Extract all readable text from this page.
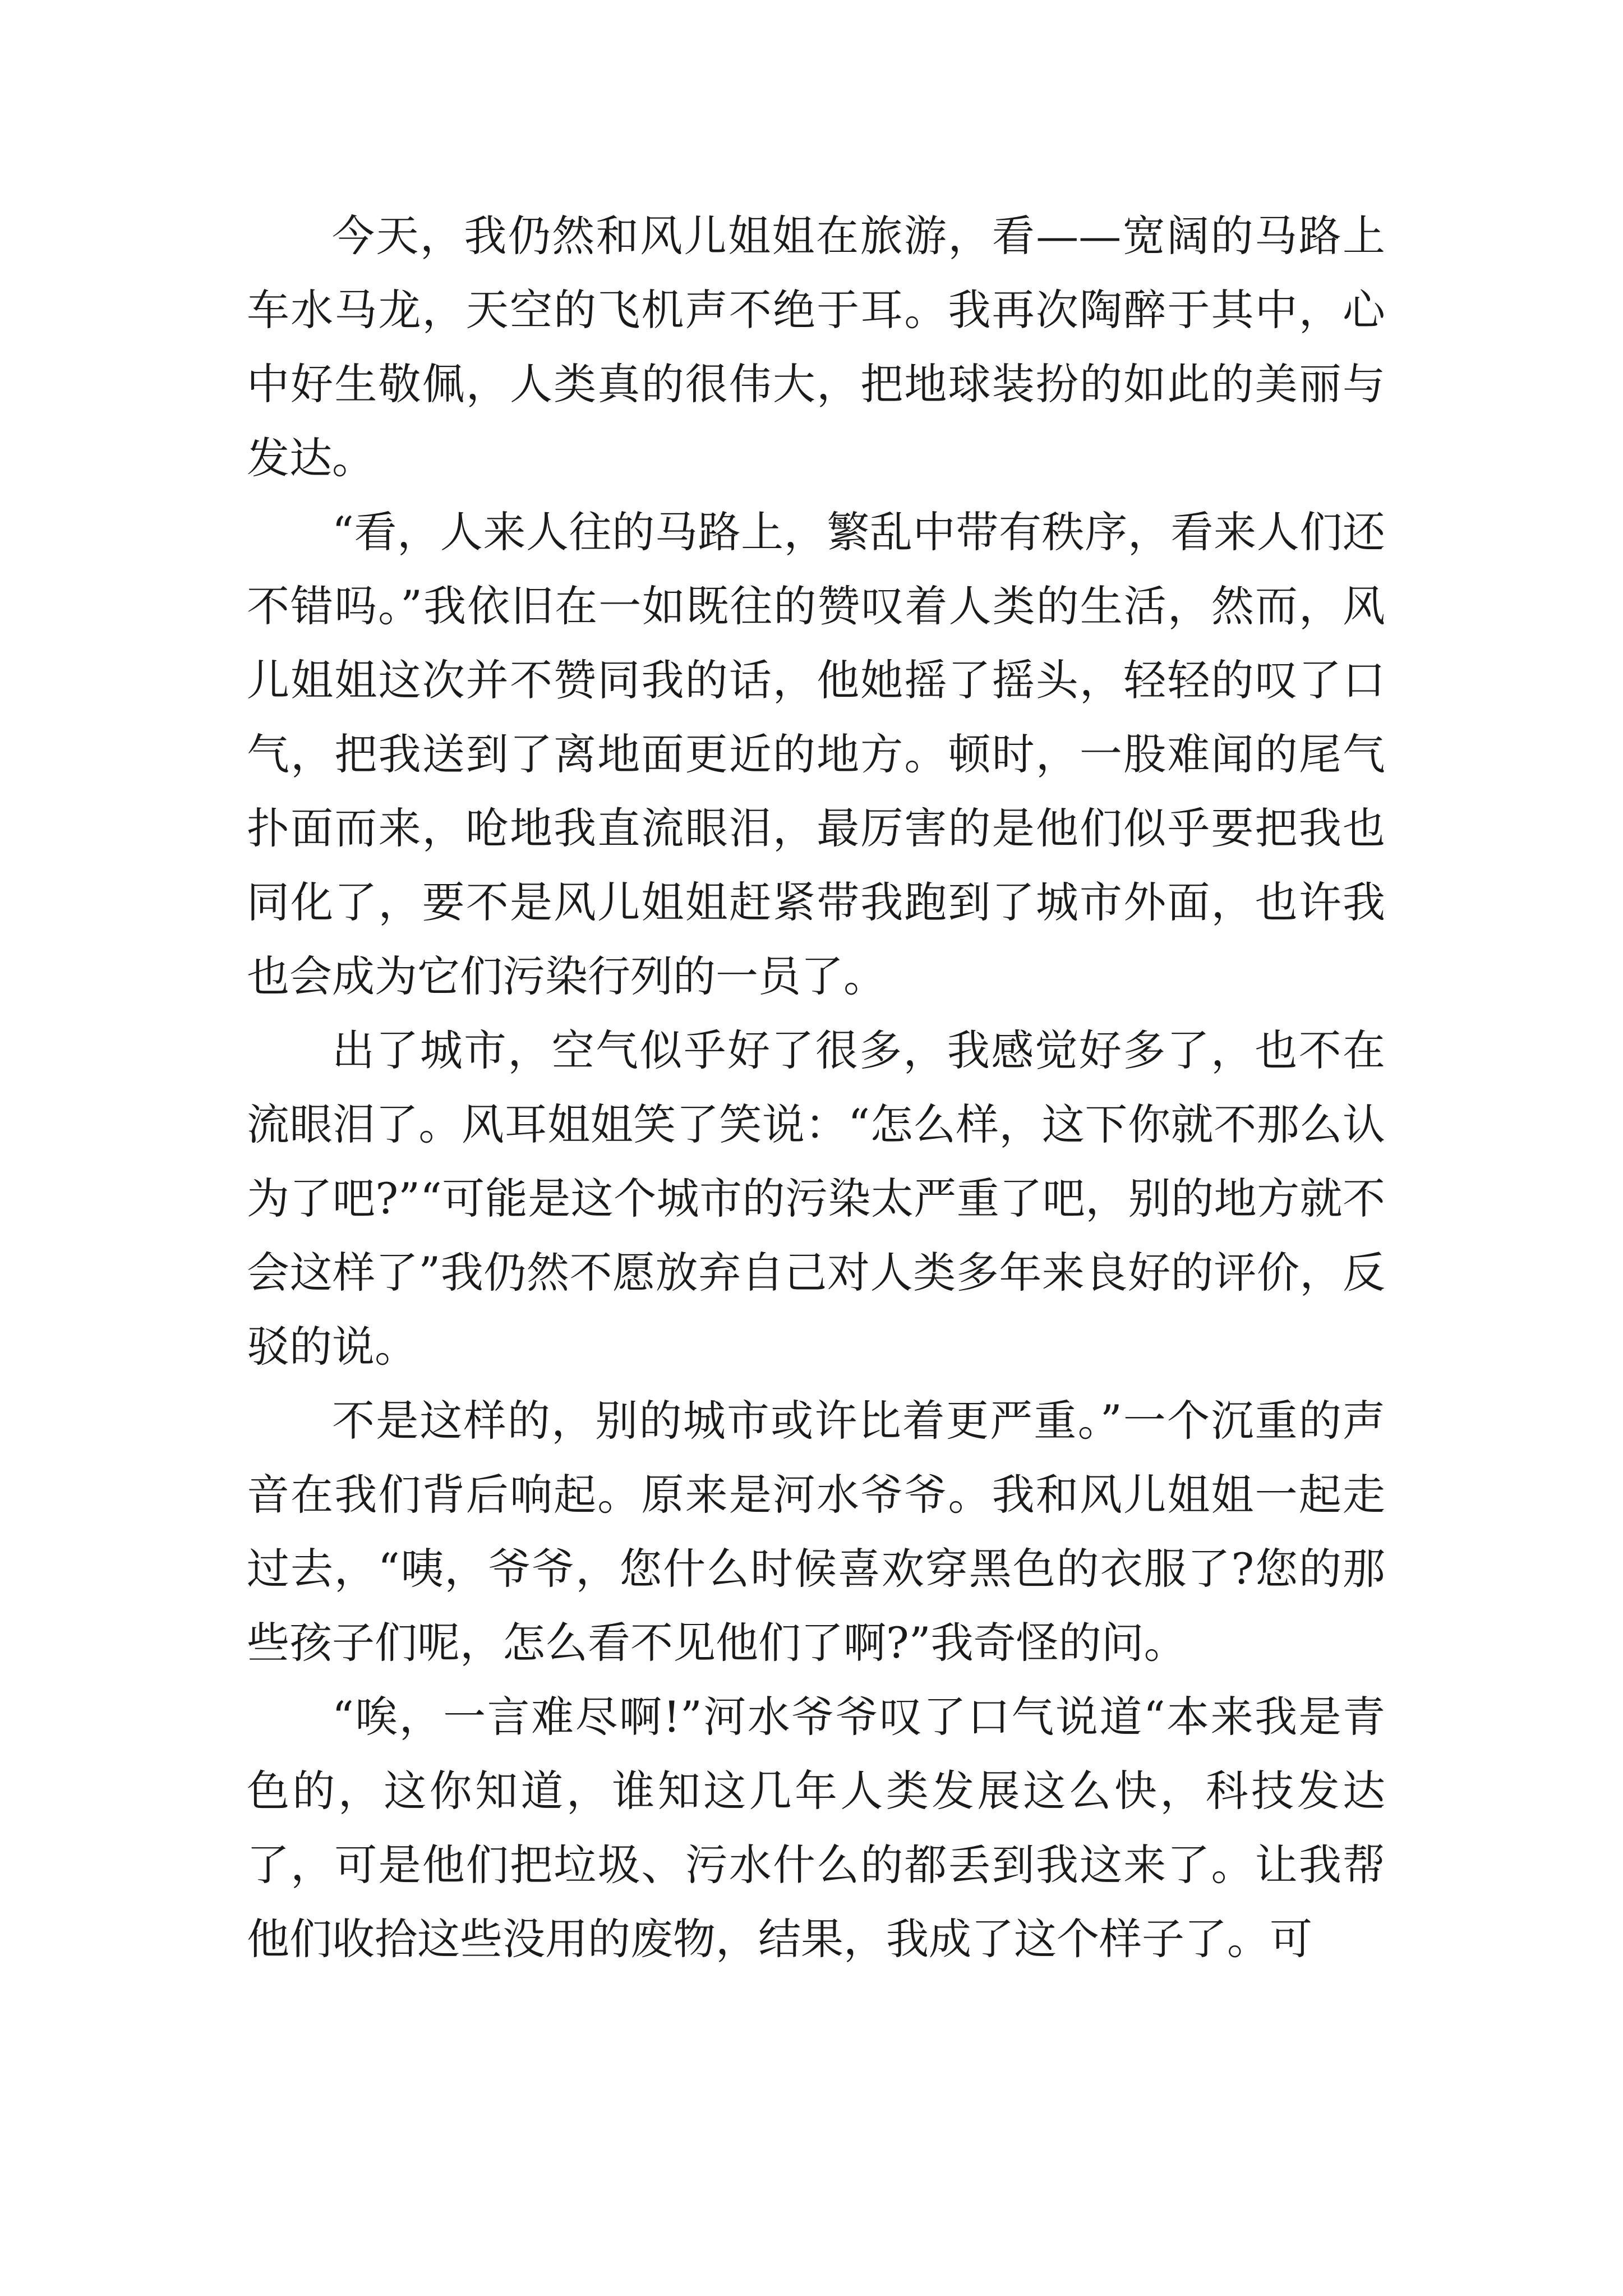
今天，我仍然和风儿姐姐在旅游，看——宽阔的马路上车水马龙，天空的飞机声不绝于耳。我再次陶醉于其中，心中好生敬佩，人类真的很伟大，把地球装扮的如此的美丽与发达。

“看，人来人往的马路上，繁乱中带有秩序，看来人们还不错吗。”我依旧在一如既往的赞叹着人类的生活，然而，风儿姐姐这次并不赞同我的话，他她摇了摇头，轻轻的叹了口气，把我送到了离地面更近的地方。顿时，一股难闻的尾气扑面而来，呛地我直流眼泪，最厉害的是他们似乎要把我也同化了，要不是风儿姐姐赶紧带我跑到了城市外面，也许我也会成为它们污染行列的一员了。

出了城市，空气似乎好了很多，我感觉好多了，也不在流眼泪了。风耳姐姐笑了笑说：“怎么样，这下你就不那么认为了吧?”“可能是这个城市的污染太严重了吧，别的地方就不会这样了”我仍然不愿放弃自己对人类多年来良好的评价，反驳的说。

不是这样的，别的城市或许比着更严重。”一个沉重的声音在我们背后响起。原来是河水爷爷。我和风儿姐姐一起走过去，“咦，爷爷，您什么时候喜欢穿黑色的衣服了?您的那些孩子们呢，怎么看不见他们了啊?”我奇怪的问。

“唉，一言难尽啊!”河水爷爷叹了口气说道“本来我是青色的，这你知道，谁知这几年人类发展这么快，科技发达了，可是他们把垃圾、污水什么的都丢到我这来了。让我帮他们收拾这些没用的废物，结果，我成了这个样子了。可
